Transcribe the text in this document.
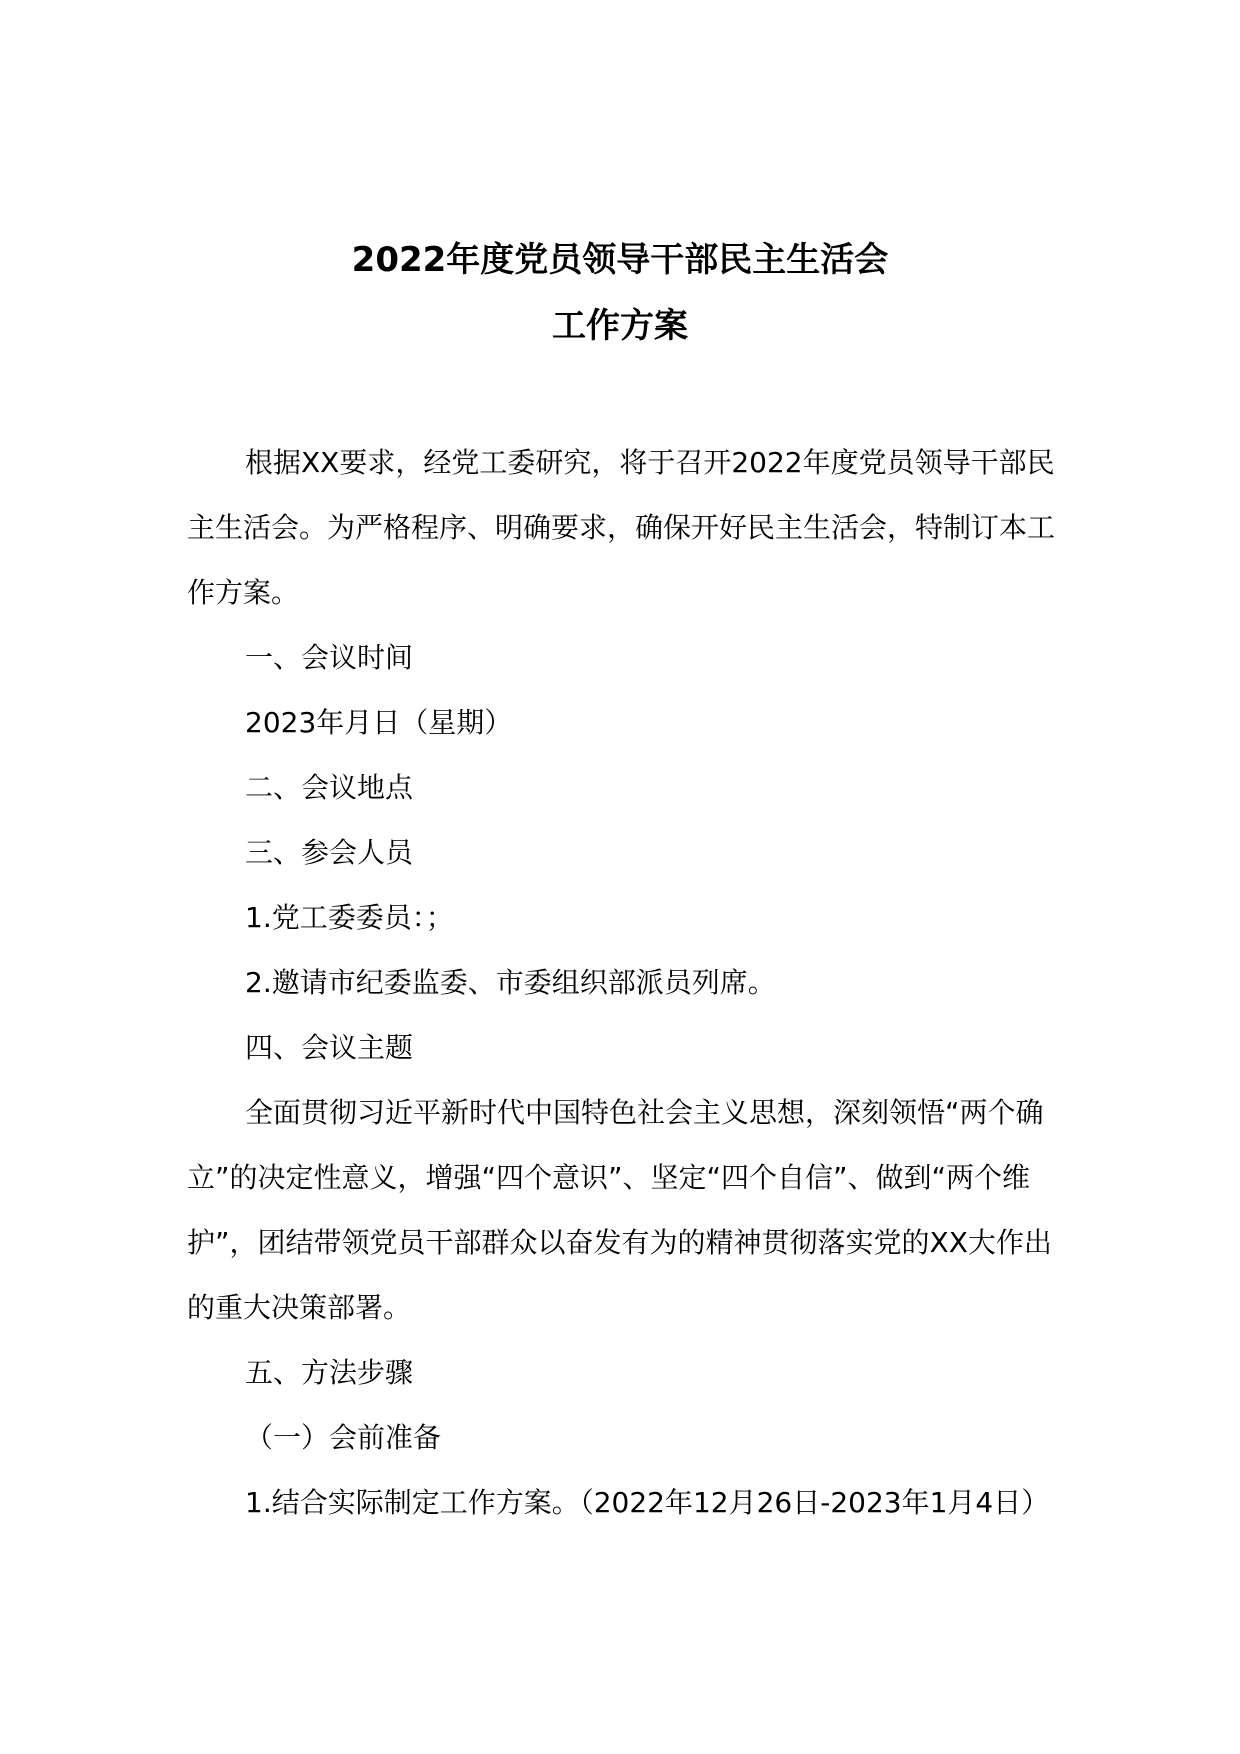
2022年度党员领导干部民主生活会
工作方案

根据XX要求，经党工委研究，将于召开2022年度党员领导干部民主生活会。为严格程序、明确要求，确保开好民主生活会，特制订本工作方案。

一、会议时间

2023年月日（星期）

二、会议地点

三、参会人员

1.党工委委员：；

2.邀请市纪委监委、市委组织部派员列席。

四、会议主题

全面贯彻习近平新时代中国特色社会主义思想，深刻领悟“两个确立”的决定性意义，增强“四个意识”、坚定“四个自信”、做到“两个维护”，团结带领党员干部群众以奋发有为的精神贯彻落实党的XX大作出的重大决策部署。

五、方法步骤

（一）会前准备

1.结合实际制定工作方案。（2022年12月26日-2023年1月4日）
